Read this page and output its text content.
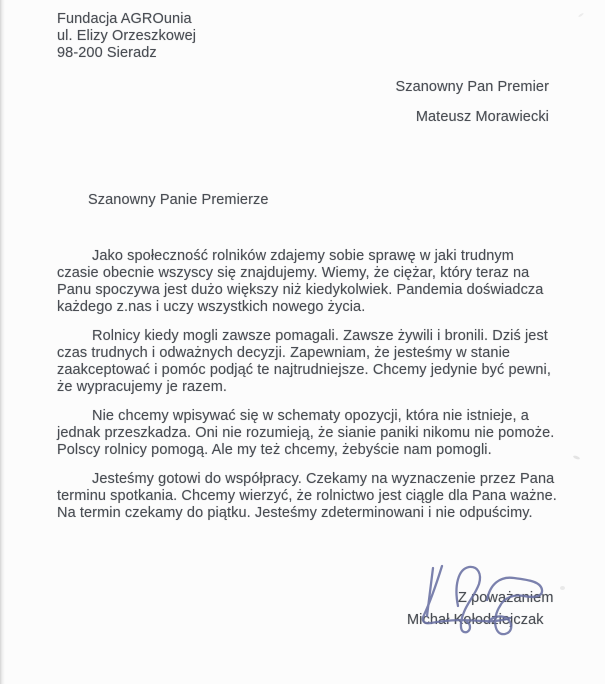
Fundacja AGROunia
ul. Elizy Orzeszkowej
98-200 Sieradz
Szanowny Pan Premier
Mateusz Morawiecki
Szanowny Panie Premierze
Jako społeczność rolników zdajemy sobie sprawę w jaki trudnym
czasie obecnie wszyscy się znajdujemy. Wiemy, że ciężar, który teraz na
Panu spoczywa jest dużo większy niż kiedykolwiek. Pandemia doświadcza
każdego z.nas i uczy wszystkich nowego życia.
Rolnicy kiedy mogli zawsze pomagali. Zawsze żywili i bronili. Dziś jest
czas trudnych i odważnych decyzji. Zapewniam, że jesteśmy w stanie
zaakceptować i pomóc podjąć te najtrudniejsze. Chcemy jedynie być pewni,
że wypracujemy je razem.
Nie chcemy wpisywać się w schematy opozycji, która nie istnieje, a
jednak przeszkadza. Oni nie rozumieją, że sianie paniki nikomu nie pomoże.
Polscy rolnicy pomogą. Ale my też chcemy, żebyście nam pomogli.
Jesteśmy gotowi do współpracy. Czekamy na wyznaczenie przez Pana
terminu spotkania. Chcemy wierzyć, że rolnictwo jest ciągle dla Pana ważne.
Na termin czekamy do piątku. Jesteśmy zdeterminowani i nie odpuścimy.
Z poważaniem
Michał Kołodziejczak
